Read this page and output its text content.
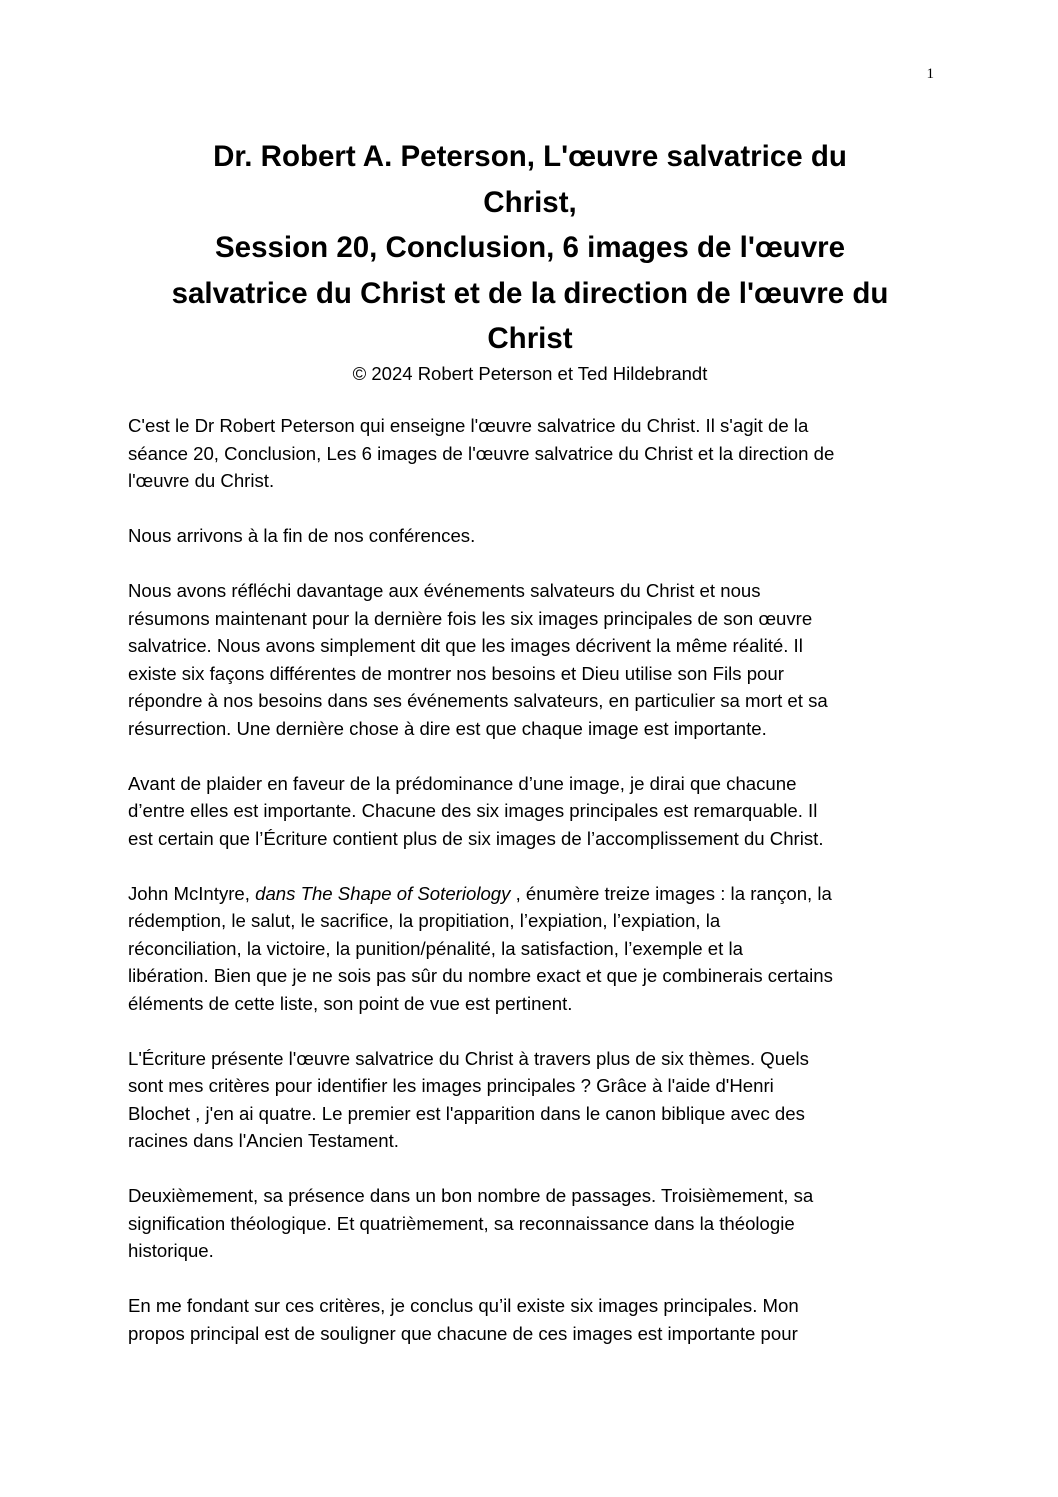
1
Dr. Robert A. Peterson, L'œuvre salvatrice du
Christ,
Session 20, Conclusion, 6 images de l'œuvre
salvatrice du Christ et de la direction de l'œuvre du
Christ
© 2024 Robert Peterson et Ted Hildebrandt
C'est le Dr Robert Peterson qui enseigne l'œuvre salvatrice du Christ. Il s'agit de la
séance 20, Conclusion, Les 6 images de l'œuvre salvatrice du Christ et la direction de
l'œuvre du Christ.
Nous arrivons à la fin de nos conférences.
Nous avons réfléchi davantage aux événements salvateurs du Christ et nous
résumons maintenant pour la dernière fois les six images principales de son œuvre
salvatrice. Nous avons simplement dit que les images décrivent la même réalité. Il
existe six façons différentes de montrer nos besoins et Dieu utilise son Fils pour
répondre à nos besoins dans ses événements salvateurs, en particulier sa mort et sa
résurrection. Une dernière chose à dire est que chaque image est importante.
Avant de plaider en faveur de la prédominance d’une image, je dirai que chacune
d’entre elles est importante. Chacune des six images principales est remarquable. Il
est certain que l’Écriture contient plus de six images de l’accomplissement du Christ.
John McIntyre, dans The Shape of Soteriology , énumère treize images : la rançon, la
rédemption, le salut, le sacrifice, la propitiation, l’expiation, l’expiation, la
réconciliation, la victoire, la punition/pénalité, la satisfaction, l’exemple et la
libération. Bien que je ne sois pas sûr du nombre exact et que je combinerais certains
éléments de cette liste, son point de vue est pertinent.
L'Écriture présente l'œuvre salvatrice du Christ à travers plus de six thèmes. Quels
sont mes critères pour identifier les images principales ? Grâce à l'aide d'Henri
Blochet , j'en ai quatre. Le premier est l'apparition dans le canon biblique avec des
racines dans l'Ancien Testament.
Deuxièmement, sa présence dans un bon nombre de passages. Troisièmement, sa
signification théologique. Et quatrièmement, sa reconnaissance dans la théologie
historique.
En me fondant sur ces critères, je conclus qu’il existe six images principales. Mon
propos principal est de souligner que chacune de ces images est importante pour
